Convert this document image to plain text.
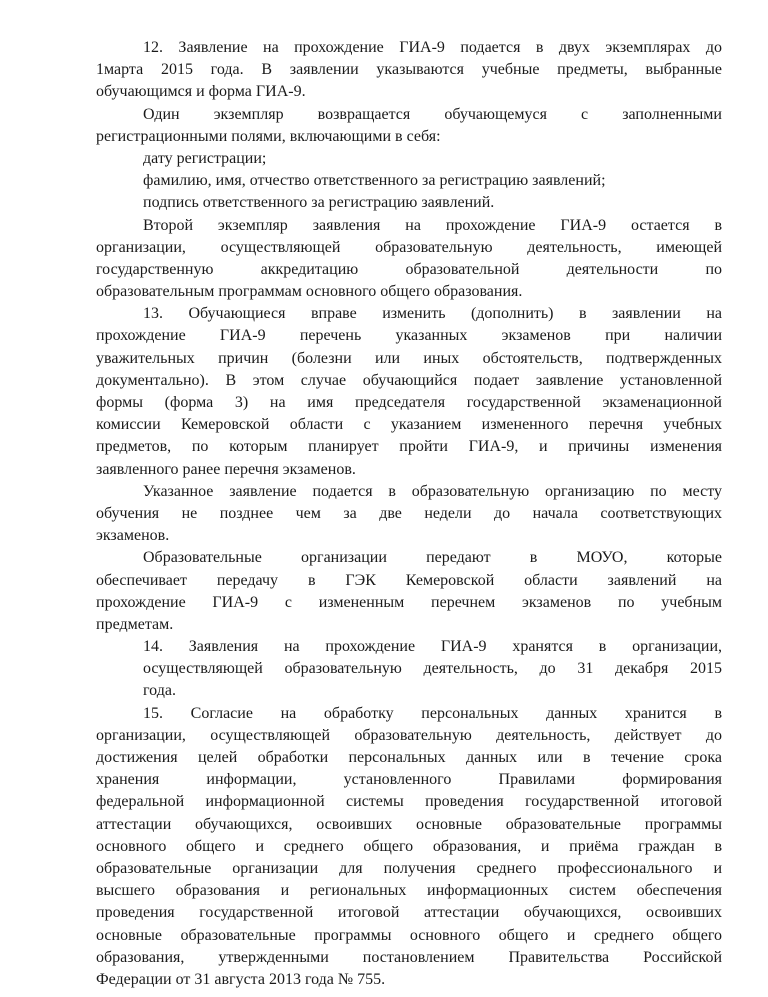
12. Заявление на прохождение ГИА-9 подается в двух экземплярах до
1марта 2015 года. В заявлении указываются учебные предметы, выбранные
обучающимся и форма ГИА-9.
Один экземпляр возвращается обучающемуся с заполненными
регистрационными полями, включающими в себя:
дату регистрации;
фамилию, имя, отчество ответственного за регистрацию заявлений;
подпись ответственного за регистрацию заявлений.
Второй экземпляр заявления на прохождение ГИА-9 остается в
организации, осуществляющей образовательную деятельность, имеющей
государственную аккредитацию образовательной деятельности по
образовательным программам основного общего образования.
13. Обучающиеся вправе изменить (дополнить) в заявлении на
прохождение ГИА-9 перечень указанных экзаменов при наличии
уважительных причин (болезни или иных обстоятельств, подтвержденных
документально). В этом случае обучающийся подает заявление установленной
формы (форма 3) на имя председателя государственной экзаменационной
комиссии Кемеровской области с указанием измененного перечня учебных
предметов, по которым планирует пройти ГИА-9, и причины изменения
заявленного ранее перечня экзаменов.
Указанное заявление подается в образовательную организацию по месту
обучения не позднее чем за две недели до начала соответствующих
экзаменов.
Образовательные организации передают в МОУО, которые
обеспечивает передачу в ГЭК Кемеровской области заявлений на
прохождение ГИА-9 с измененным перечнем экзаменов по учебным
предметам.
14. Заявления на прохождение ГИА-9 хранятся в организации,
осуществляющей образовательную деятельность, до 31 декабря 2015
года.
15. Согласие на обработку персональных данных хранится в
организации, осуществляющей образовательную деятельность, действует до
достижения целей обработки персональных данных или в течение срока
хранения информации, установленного Правилами формирования
федеральной информационной системы проведения государственной итоговой
аттестации обучающихся, освоивших основные образовательные программы
основного общего и среднего общего образования, и приёма граждан в
образовательные организации для получения среднего профессионального и
высшего образования и региональных информационных систем обеспечения
проведения государственной итоговой аттестации обучающихся, освоивших
основные образовательные программы основного общего и среднего общего
образования, утвержденными постановлением Правительства Российской
Федерации от 31 августа 2013 года № 755.
